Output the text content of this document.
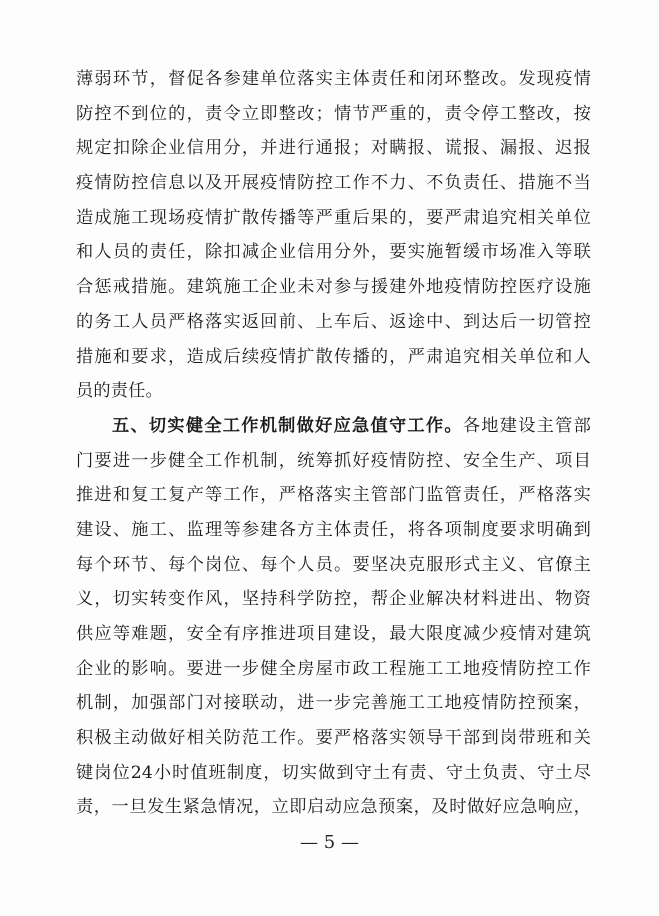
薄弱环节，督促各参建单位落实主体责任和闭环整改。发现疫情
防控不到位的，责令立即整改；情节严重的，责令停工整改，按
规定扣除企业信用分，并进行通报；对瞒报、谎报、漏报、迟报
疫情防控信息以及开展疫情防控工作不力、不负责任、措施不当
造成施工现场疫情扩散传播等严重后果的，要严肃追究相关单位
和人员的责任，除扣减企业信用分外，要实施暂缓市场准入等联
合惩戒措施。建筑施工企业未对参与援建外地疫情防控医疗设施
的务工人员严格落实返回前、上车后、返途中、到达后一切管控
措施和要求，造成后续疫情扩散传播的，严肃追究相关单位和人
员的责任。
五、切实健全工作机制做好应急值守工作。各地建设主管部
门要进一步健全工作机制，统筹抓好疫情防控、安全生产、项目
推进和复工复产等工作，严格落实主管部门监管责任，严格落实
建设、施工、监理等参建各方主体责任，将各项制度要求明确到
每个环节、每个岗位、每个人员。要坚决克服形式主义、官僚主
义，切实转变作风，坚持科学防控，帮企业解决材料进出、物资
供应等难题，安全有序推进项目建设，最大限度减少疫情对建筑
企业的影响。要进一步健全房屋市政工程施工工地疫情防控工作
机制，加强部门对接联动，进一步完善施工工地疫情防控预案，
积极主动做好相关防范工作。要严格落实领导干部到岗带班和关
键岗位24小时值班制度，切实做到守土有责、守土负责、守土尽
责，一旦发生紧急情况，立即启动应急预案，及时做好应急响应，
— 5 —
